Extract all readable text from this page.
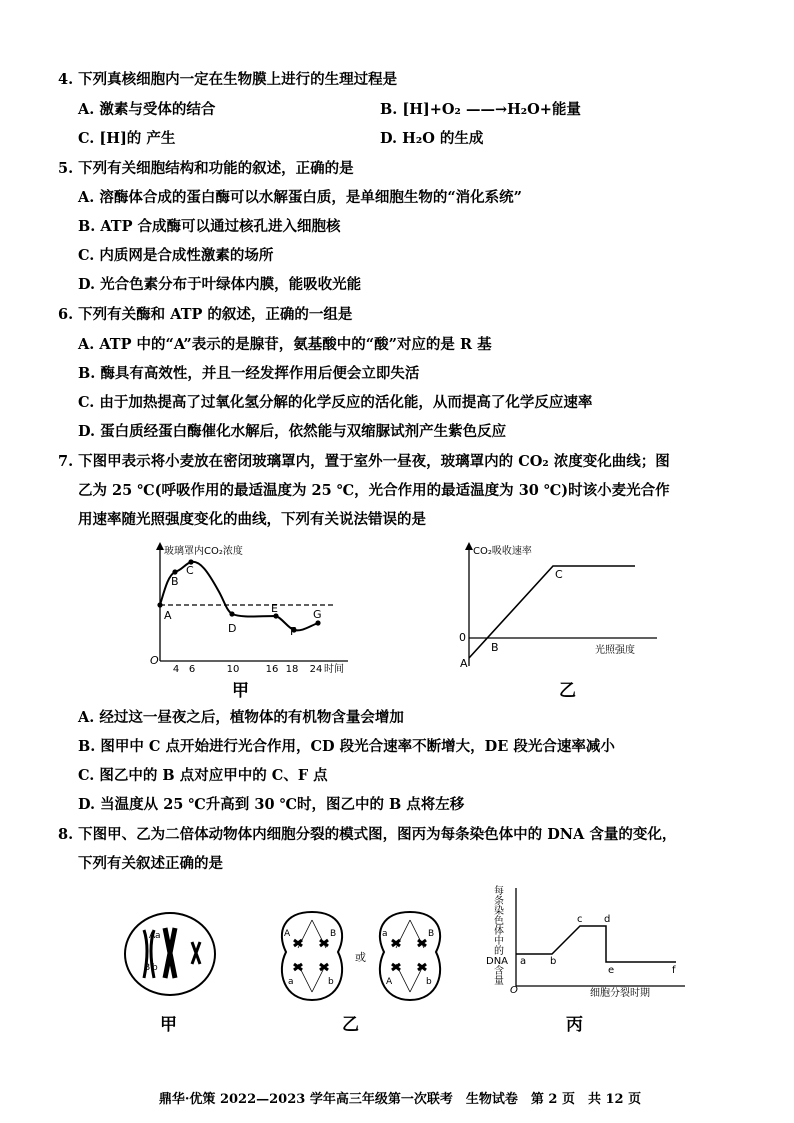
4. 下列真核细胞内一定在生物膜上进行的生理过程是
A. 激素与受体的结合	B. [H]+O₂ ——→H₂O+能量
C. [H]的 产生	D. H₂O 的生成
5. 下列有关细胞结构和功能的叙述，正确的是
A. 溶酶体合成的蛋白酶可以水解蛋白质，是单细胞生物的“消化系统”
B. ATP 合成酶可以通过核孔进入细胞核
C. 内质网是合成性激素的场所
D. 光合色素分布于叶绿体内膜，能吸收光能
6. 下列有关酶和 ATP 的叙述，正确的一组是
A. ATP 中的“A”表示的是腺苷，氨基酸中的“酸”对应的是 R 基
B. 酶具有高效性，并且一经发挥作用后便会立即失活
C. 由于加热提高了过氧化氢分解的化学反应的活化能，从而提高了化学反应速率
D. 蛋白质经蛋白酶催化水解后，依然能与双缩脲试剂产生紫色反应
7. 下图甲表示将小麦放在密闭玻璃罩内，置于室外一昼夜，玻璃罩内的 CO₂ 浓度变化曲线；图
乙为 25 ℃(呼吸作用的最适温度为 25 ℃，光合作用的最适温度为 30 ℃)时该小麦光合作
用速率随光照强度变化的曲线，下列有关说法错误的是
玻璃罩内CO₂浓度
O
A
B
C
D
E
F
G
4 6	10	16 18 24 时间
甲
CO₂吸收速率
0
光照强度
A
B
C
乙
A. 经过这一昼夜之后，植物体的有机物含量会增加
B. 图甲中 C 点开始进行光合作用，CD 段光合速率不断增大，DE 段光合速率减小
C. 图乙中的 B 点对应甲中的 C、F 点
D. 当温度从 25 ℃升高到 30 ℃时，图乙中的 B 点将左移
8. 下图甲、乙为二倍体动物体内细胞分裂的模式图，图丙为每条染色体中的 DNA 含量的变化，
下列有关叙述正确的是
A a
B b
甲
A	B
a	b
或
a	B
A	b
乙
每
条
染
色
体
中
的
DNA
含
量
O
a b
c d
e	f
细胞分裂时期
丙
鼎华·优策 2022—2023 学年高三年级第一次联考　生物试卷　第 2 页　共 12 页
